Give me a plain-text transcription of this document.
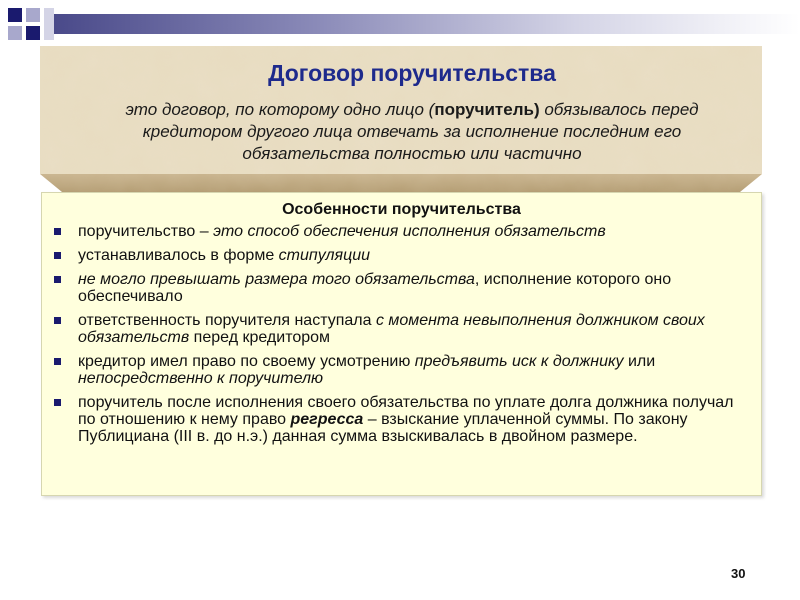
Договор поручительства
это договор, по которому одно лицо (поручитель) обязывалось перед кредитором другого лица отвечать за исполнение последним его обязательства полностью или частично
Особенности поручительства
поручительство – это способ обеспечения исполнения обязательств
устанавливалось в форме стипуляции
не могло превышать размера того обязательства, исполнение которого оно обеспечивало
ответственность поручителя наступала с момента невыполнения должником своих обязательств перед кредитором
кредитор имел право по своему усмотрению предъявить иск к должнику или непосредственно к поручителю
поручитель после исполнения своего обязательства по уплате долга должника получал по отношению к нему право регресса – взыскание уплаченной суммы. По закону Публициана (III в. до н.э.) данная сумма взыскивалась в двойном размере.
30
